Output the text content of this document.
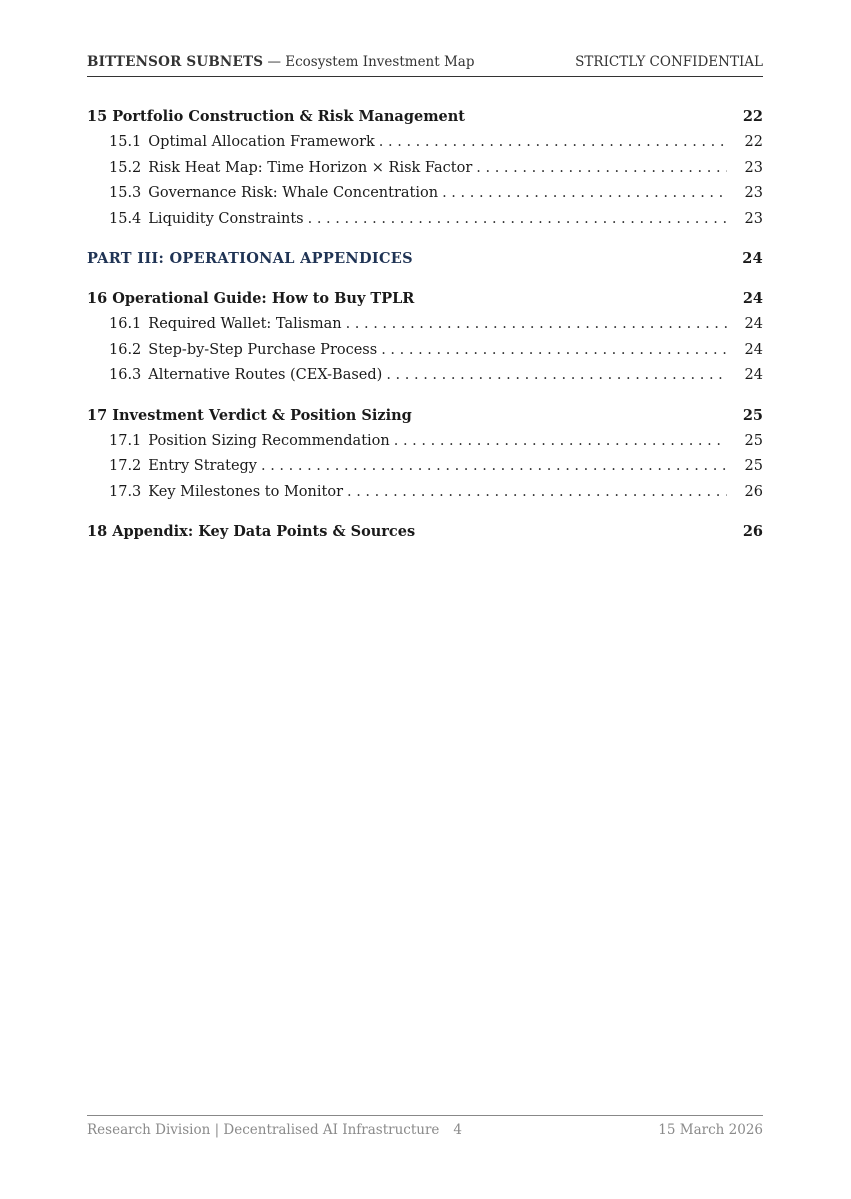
BITTENSOR SUBNETS — Ecosystem Investment Map	STRICTLY CONFIDENTIAL
15 Portfolio Construction & Risk Management	22
15.1 Optimal Allocation Framework . . .	22
15.2 Risk Heat Map: Time Horizon × Risk Factor . . .	23
15.3 Governance Risk: Whale Concentration . . .	23
15.4 Liquidity Constraints . . .	23
PART III: OPERATIONAL APPENDICES	24
16 Operational Guide: How to Buy TPLR	24
16.1 Required Wallet: Talisman . . .	24
16.2 Step-by-Step Purchase Process . . .	24
16.3 Alternative Routes (CEX-Based) . . .	24
17 Investment Verdict & Position Sizing	25
17.1 Position Sizing Recommendation . . .	25
17.2 Entry Strategy . . .	25
17.3 Key Milestones to Monitor . . .	26
18 Appendix: Key Data Points & Sources	26
Research Division | Decentralised AI Infrastructure 4	15 March 2026
